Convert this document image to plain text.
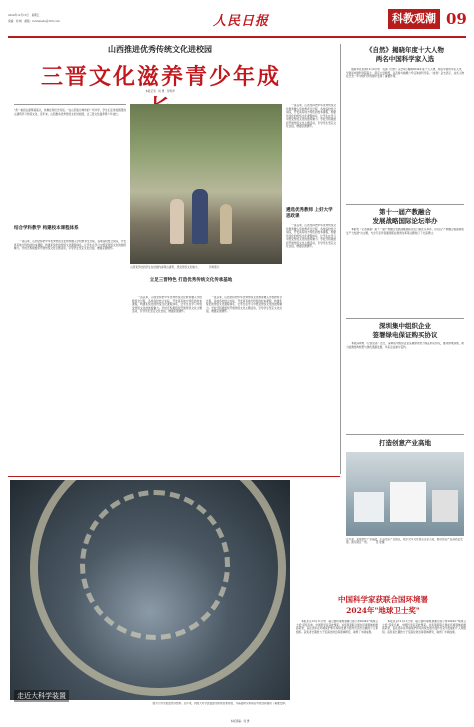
2024年12月13日　星期五
责编：刘 畅　邮箱：renrenedu@163.com	人民日报	科教观潮 09
山西推进优秀传统文化进校园
三晋文化滋养青少年成
本报记者　何 勇　付明翠
"我一看到古建筑就高兴，仿佛在和历史对话。"在山西省运城市的一所中学，学生们走进校园里的古建筑学习传统文化。近年来，山西推动优秀传统文化进校园，让三晋文化滋养青少年成长。
山西某学校的学生在校园内参观古建筑，感受传统文化魅力。　　　　资料照片
结合学科教学 构建校本课程体系
　　一直以来，山西坚持把中华优秀传统文化教育融入学校教育全过程，各地各校结合实际，开发具有地方特色的校本课程，构建系统化的传统文化课程体系，让学生在学习中感受传统文化的独特魅力。学校还积极组织开展传统文化主题活动，引导学生坚定文化自信，增强家国情怀。
立足三晋特色 打造优秀传统文化传承基地
　　一直以来，山西坚持把中华优秀传统文化教育融入学校教育全过程，各地各校结合实际，开发具有地方特色的校本课程，构建系统化的传统文化课程体系，让学生在学习中感受传统文化的独特魅力。学校还积极组织开展传统文化主题活动，引导学生坚定文化自信，增强家国情怀。
　　一直以来，山西坚持把中华优秀传统文化教育融入学校教育全过程，各地各校结合实际，开发具有地方特色的校本课程，构建系统化的传统文化课程体系，让学生在学习中感受传统文化的独特魅力。学校还积极组织开展传统文化主题活动，引导学生坚定文化自信，增强家国情怀。
　　一直以来，山西坚持把中华优秀传统文化教育融入学校教育全过程，各地各校结合实际，开发具有地方特色的校本课程，构建系统化的传统文化课程体系，让学生在学习中感受传统文化的独特魅力。学校还积极组织开展传统文化主题活动，引导学生坚定文化自信，增强家国情怀。
遴选优秀教师 上好大学思政课
　　一直以来，山西坚持把中华优秀传统文化教育融入学校教育全过程，各地各校结合实际，开发具有地方特色的校本课程，构建系统化的传统文化课程体系，让学生在学习中感受传统文化的独特魅力。学校还积极组织开展传统文化主题活动，引导学生坚定文化自信，增强家国情怀。
《自然》揭晓年度十大人物
两名中国科学家入选
　　据新华社伦敦12月9日电　英国《自然》杂志9日揭晓2024年度十大人物，两名中国科学家入选，分别是中国科学院院士、南京大学教授，以及参与嫦娥六号任务的科学家。《自然》杂志表示，这些人物在过去一年中的科学进展中发挥了重要作用。
第十一届产教融合
发展战略国际论坛举办
　　本报电（记者黄超）第十一届产教融合发展战略国际论坛日前在京举办。论坛以"产教融合赋能新质生产力发展"为主题，与会专家学者围绕职业教育改革等议题进行了交流研讨。
深圳集中组织企业
签署绿电保证购买协议
　　本报深圳电（记者吴冰）近日，深圳集中组织企业签署绿色电力保证购买协议，推动绿电消费，助力能源结构转型与绿色低碳发展，多家企业参与签约。
打造创意产业高地
近年来，某地依托产业基础，打造创意产业园区，吸引众多文化创意企业入驻，推动创意产业高质量发展。图为园区一角。　　　张 欣摄
走近大科学装置
图为大科学装置内部结构。近年来，我国大科学装置建设取得显著进展，为基础研究和前沿科技创新提供了重要支撑。
中国科学家获联合国环境署
2024年"地球卫士奖"
　　本报北京12月11日电　联合国环境规划署日前公布2024年"地球卫士奖"获奖名单，中国科学家获此殊荣。该奖项是联合国在环境领域的最高荣誉，旨在表彰在环境保护和可持续发展方面作出突出贡献的个人和组织。获奖者长期致力于荒漠化防治等领域研究，取得了丰硕成果。
　　本报北京12月11日电　联合国环境规划署日前公布2024年"地球卫士奖"获奖名单，中国科学家获此殊荣。该奖项是联合国在环境领域的最高荣誉，旨在表彰在环境保护和可持续发展方面作出突出贡献的个人和组织。获奖者长期致力于荒漠化防治等领域研究，取得了丰硕成果。
本版责编：何 勇
